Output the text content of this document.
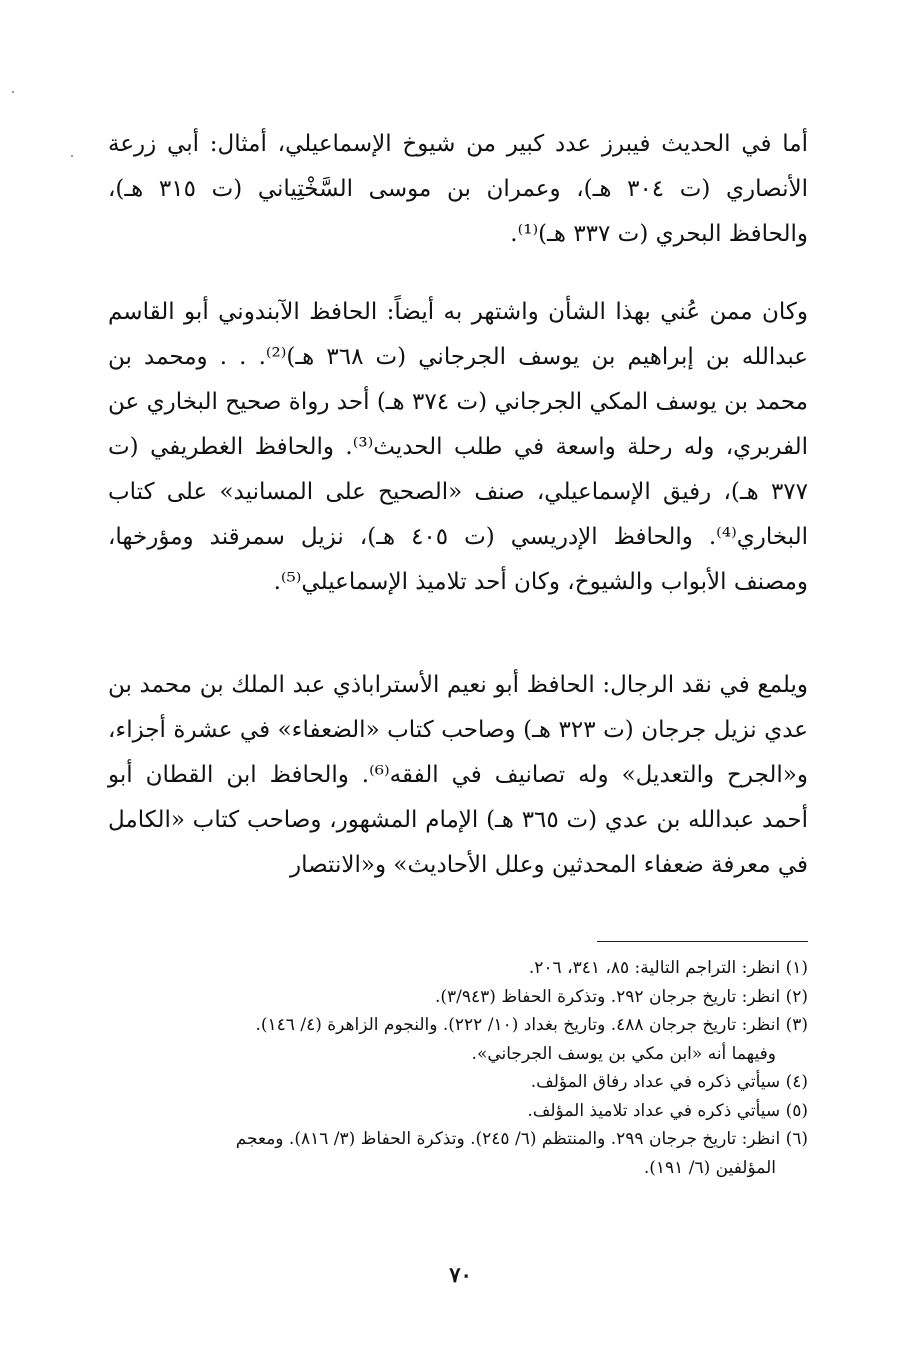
أما في الحديث فيبرز عدد كبير من شيوخ الإسماعيلي، أمثال: أبي زرعة الأنصاري (ت ٣٠٤ هـ)، وعمران بن موسى السَّخْتِياني (ت ٣١٥ هـ)، والحافظ البحري (ت ٣٣٧ هـ)⁽¹⁾.

وكان ممن عُني بهذا الشأن واشتهر به أيضاً: الحافظ الآبندوني أبو القاسم عبدالله بن إبراهيم بن يوسف الجرجاني (ت ٣٦٨ هـ)⁽²⁾. . . ومحمد بن محمد بن يوسف المكي الجرجاني (ت ٣٧٤ هـ) أحد رواة صحيح البخاري عن الفربري، وله رحلة واسعة في طلب الحديث⁽³⁾. والحافظ الغطريفي (ت ٣٧٧ هـ)، رفيق الإسماعيلي، صنف «الصحيح على المسانيد» على كتاب البخاري⁽⁴⁾. والحافظ الإدريسي (ت ٤٠٥ هـ)، نزيل سمرقند ومؤرخها، ومصنف الأبواب والشيوخ، وكان أحد تلاميذ الإسماعيلي⁽⁵⁾.

ويلمع في نقد الرجال: الحافظ أبو نعيم الأستراباذي عبد الملك بن محمد بن عدي نزيل جرجان (ت ٣٢٣ هـ) وصاحب كتاب «الضعفاء» في عشرة أجزاء، و«الجرح والتعديل» وله تصانيف في الفقه⁽⁶⁾. والحافظ ابن القطان أبو أحمد عبدالله بن عدي (ت ٣٦٥ هـ) الإمام المشهور، وصاحب كتاب «الكامل في معرفة ضعفاء المحدثين وعلل الأحاديث» و«الانتصار

(١) انظر: التراجم التالية: ٨٥، ٣٤١، ٢٠٦.
(٢) انظر: تاريخ جرجان ٢٩٢. وتذكرة الحفاظ (٣/٩٤٣).
(٣) انظر: تاريخ جرجان ٤٨٨. وتاريخ بغداد (١٠/ ٢٢٢). والنجوم الزاهرة (٤/ ١٤٦).
وفيهما أنه «ابن مكي بن يوسف الجرجاني».
(٤) سيأتي ذكره في عداد رفاق المؤلف.
(٥) سيأتي ذكره في عداد تلاميذ المؤلف.
(٦) انظر: تاريخ جرجان ٢٩٩. والمنتظم (٦/ ٢٤٥). وتذكرة الحفاظ (٣/ ٨١٦). ومعجم
المؤلفين (٦/ ١٩١).
٧٠
